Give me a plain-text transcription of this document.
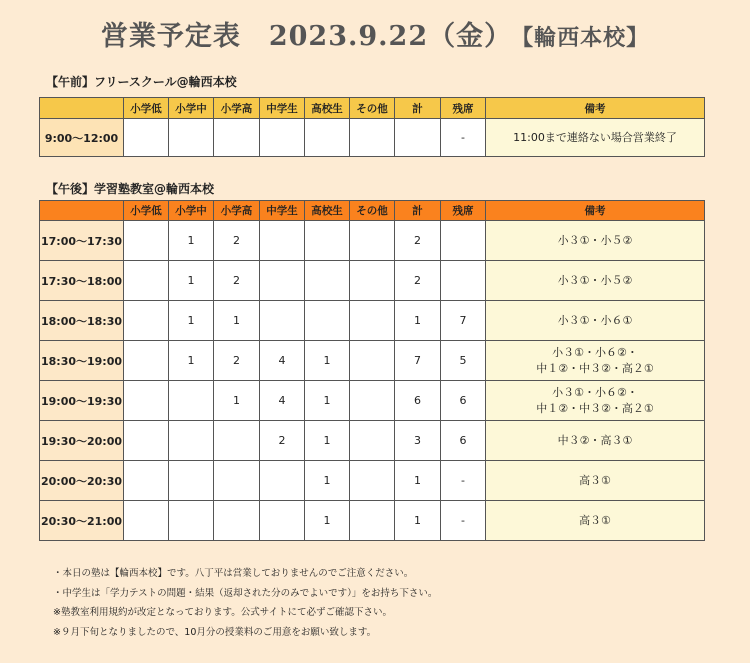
営業予定表　2023.9.22（金） 【輪西本校】
【午前】フリースクール@輪西本校
	小学低	小学中	小学高	中学生	高校生	その他	計	残席	備考
9:00〜12:00								-	11:00まで連絡ない場合営業終了
【午後】学習塾教室@輪西本校
	小学低	小学中	小学高	中学生	高校生	その他	計	残席	備考
17:00〜17:30		1	2				2		小３①・小５②
17:30〜18:00		1	2				2		小３①・小５②
18:00〜18:30		1	1				1	7	小３①・小６①
18:30〜19:00		1	2	4	1		7	5	小３①・小６②・
中１②・中３②・高２①
19:00〜19:30			1	4	1		6	6	小３①・小６②・
中１②・中３②・高２①
19:30〜20:00				2	1		3	6	中３②・高３①
20:00〜20:30					1		1	-	高３①
20:30〜21:00					1		1	-	高３①
・本日の塾は【輪西本校】です。八丁平は営業しておりませんのでご注意ください。
・中学生は「学力テストの問題・結果（返却された分のみでよいです）」をお持ち下さい。
※塾教室利用規約が改定となっております。公式サイトにて必ずご確認下さい。
※９月下旬となりましたので、10月分の授業料のご用意をお願い致します。
